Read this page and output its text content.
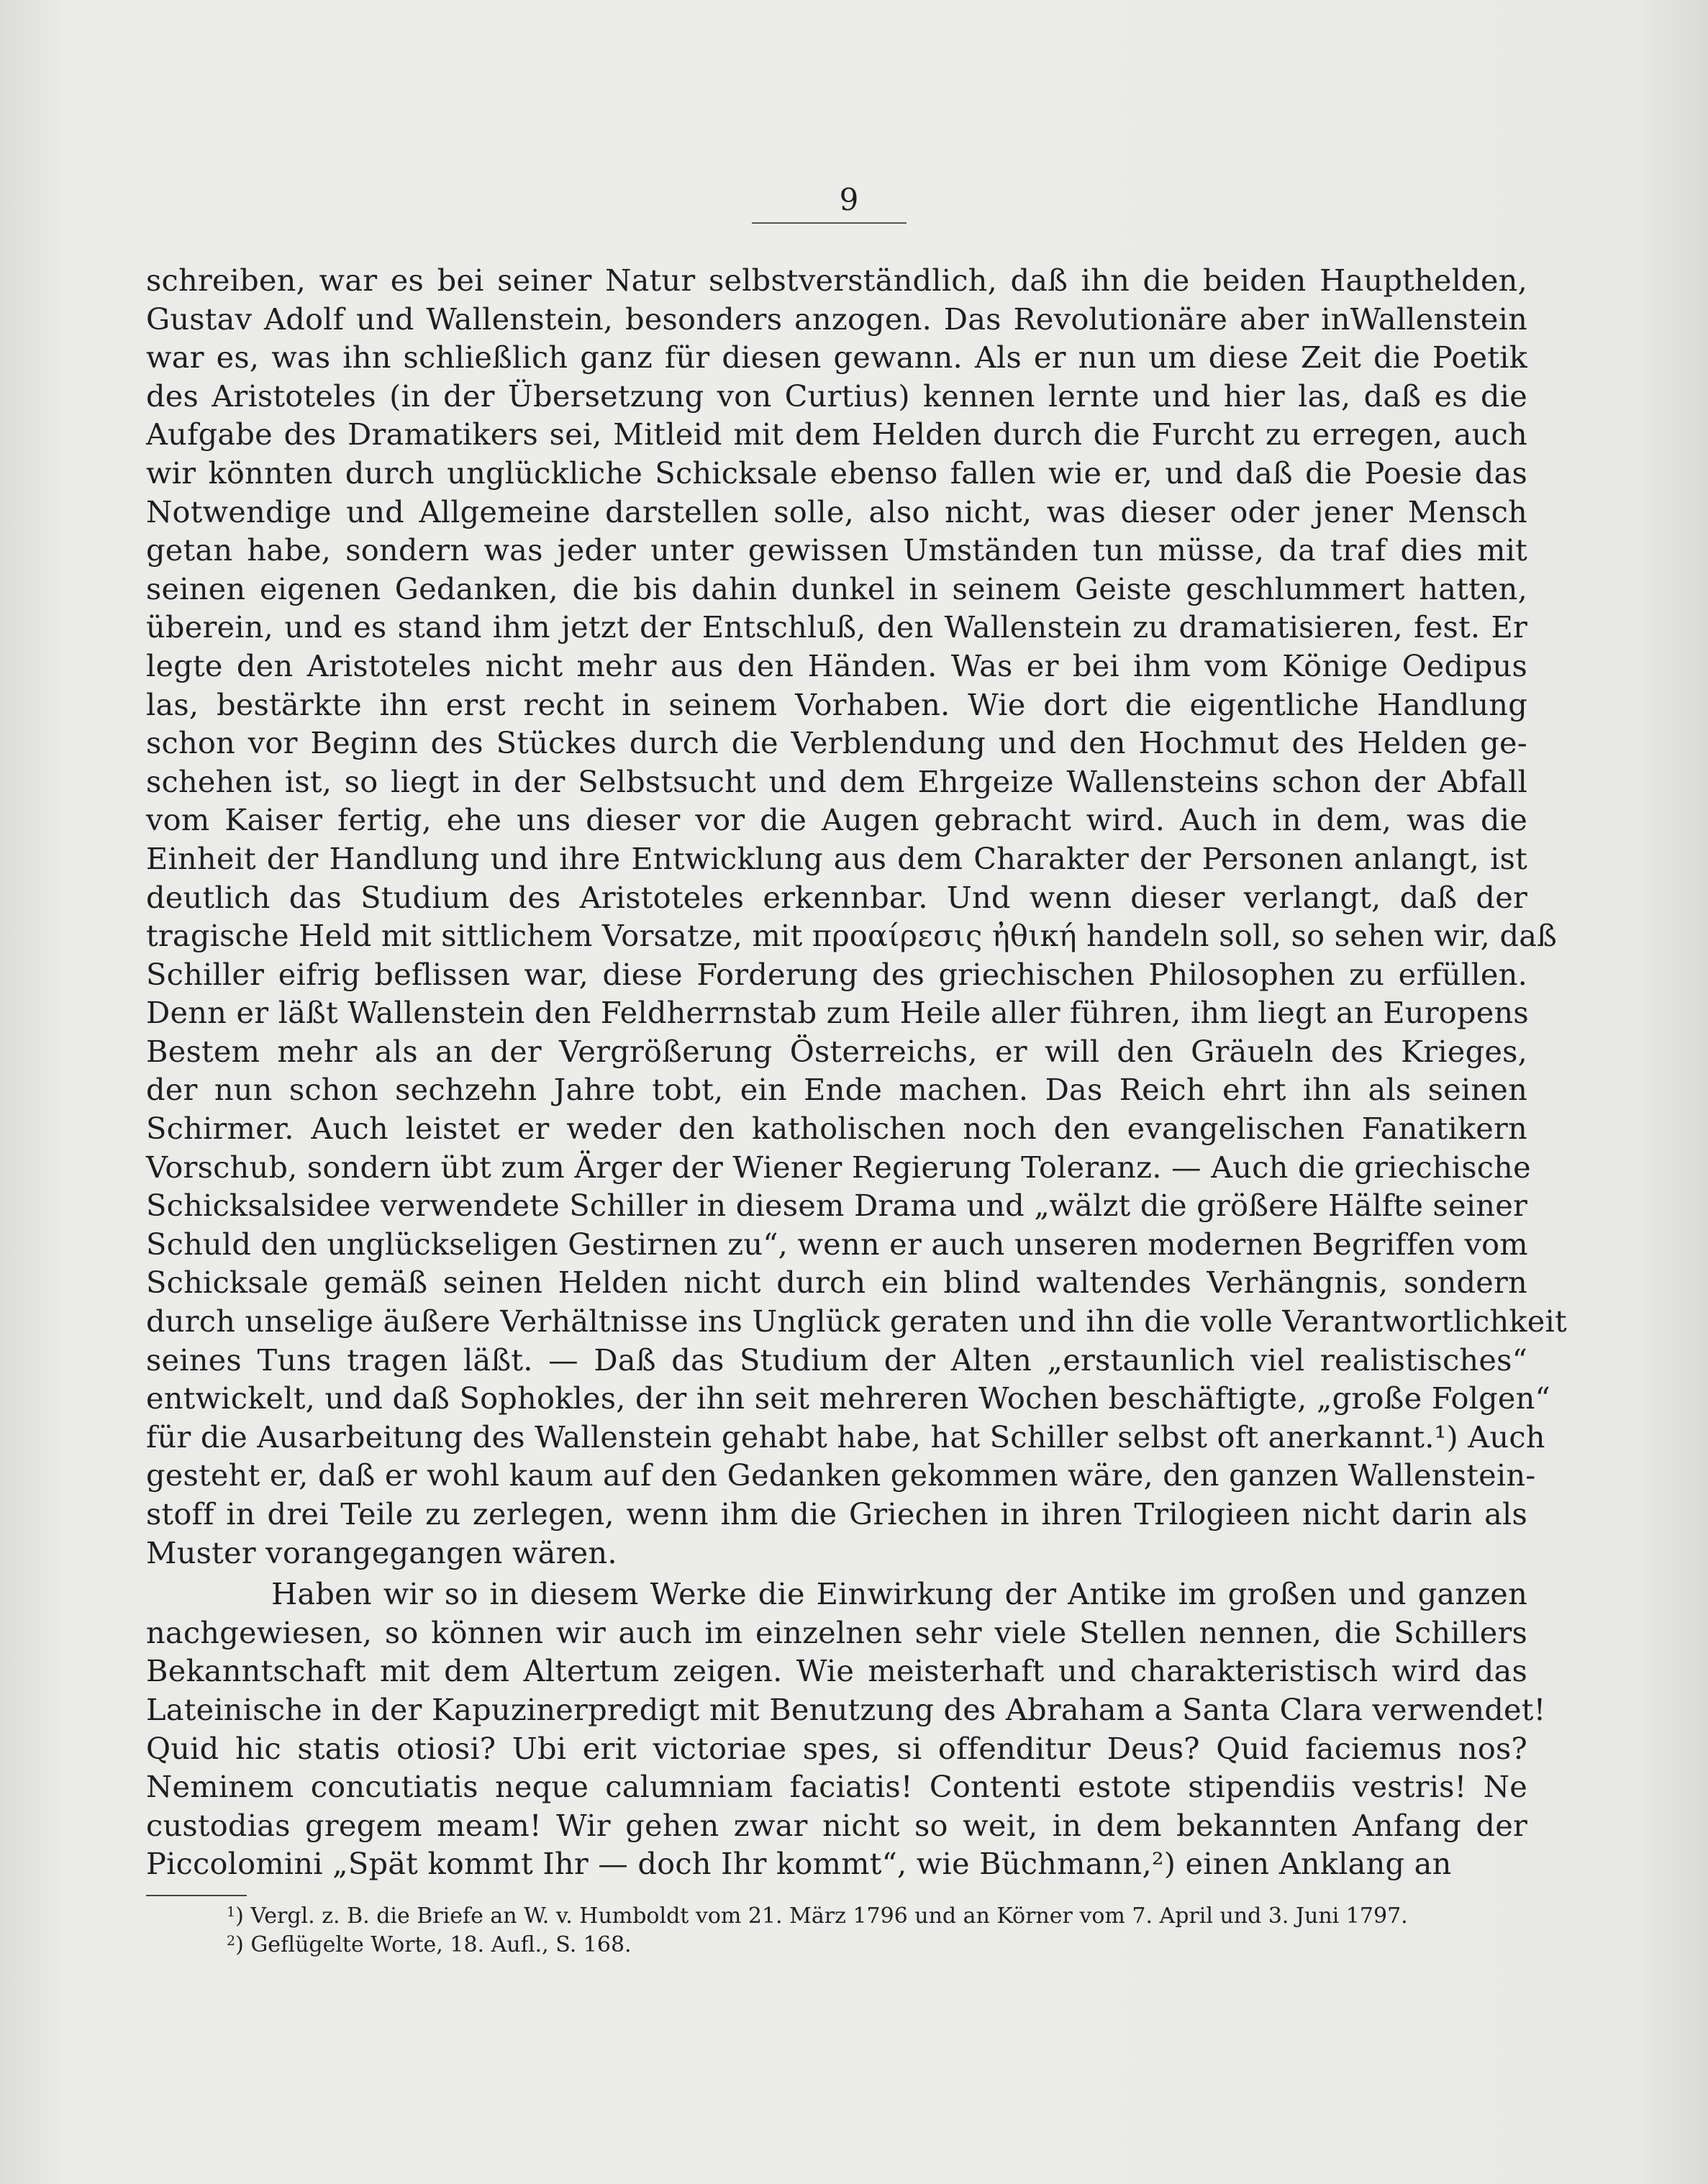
9
schreiben, war es bei seiner Natur selbstverständlich, daß ihn die beiden Haupthelden,
Gustav Adolf und Wallenstein, besonders anzogen. Das Revolutionäre aber inWallenstein
war es, was ihn schließlich ganz für diesen gewann. Als er nun um diese Zeit die Poetik
des Aristoteles (in der Übersetzung von Curtius) kennen lernte und hier las, daß es die
Aufgabe des Dramatikers sei, Mitleid mit dem Helden durch die Furcht zu erregen, auch
wir könnten durch unglückliche Schicksale ebenso fallen wie er, und daß die Poesie das
Notwendige und Allgemeine darstellen solle, also nicht, was dieser oder jener Mensch
getan habe, sondern was jeder unter gewissen Umständen tun müsse, da traf dies mit
seinen eigenen Gedanken, die bis dahin dunkel in seinem Geiste geschlummert hatten,
überein, und es stand ihm jetzt der Entschluß, den Wallenstein zu dramatisieren, fest. Er
legte den Aristoteles nicht mehr aus den Händen. Was er bei ihm vom Könige Oedipus
las, bestärkte ihn erst recht in seinem Vorhaben. Wie dort die eigentliche Handlung
schon vor Beginn des Stückes durch die Verblendung und den Hochmut des Helden ge-
schehen ist, so liegt in der Selbstsucht und dem Ehrgeize Wallensteins schon der Abfall
vom Kaiser fertig, ehe uns dieser vor die Augen gebracht wird. Auch in dem, was die
Einheit der Handlung und ihre Entwicklung aus dem Charakter der Personen anlangt, ist
deutlich das Studium des Aristoteles erkennbar. Und wenn dieser verlangt, daß der
tragische Held mit sittlichem Vorsatze, mit προαίρεσις ἠθική handeln soll, so sehen wir, daß
Schiller eifrig beflissen war, diese Forderung des griechischen Philosophen zu erfüllen.
Denn er läßt Wallenstein den Feldherrnstab zum Heile aller führen, ihm liegt an Europens
Bestem mehr als an der Vergrößerung Österreichs, er will den Gräueln des Krieges,
der nun schon sechzehn Jahre tobt, ein Ende machen. Das Reich ehrt ihn als seinen
Schirmer. Auch leistet er weder den katholischen noch den evangelischen Fanatikern
Vorschub, sondern übt zum Ärger der Wiener Regierung Toleranz. — Auch die griechische
Schicksalsidee verwendete Schiller in diesem Drama und „wälzt die größere Hälfte seiner
Schuld den unglückseligen Gestirnen zu“, wenn er auch unseren modernen Begriffen vom
Schicksale gemäß seinen Helden nicht durch ein blind waltendes Verhängnis, sondern
durch unselige äußere Verhältnisse ins Unglück geraten und ihn die volle Verantwortlichkeit
seines Tuns tragen läßt. — Daß das Studium der Alten „erstaunlich viel realistisches“
entwickelt, und daß Sophokles, der ihn seit mehreren Wochen beschäftigte, „große Folgen“
für die Ausarbeitung des Wallenstein gehabt habe, hat Schiller selbst oft anerkannt.¹) Auch
gesteht er, daß er wohl kaum auf den Gedanken gekommen wäre, den ganzen Wallenstein-
stoff in drei Teile zu zerlegen, wenn ihm die Griechen in ihren Trilogieen nicht darin als
Muster vorangegangen wären.
Haben wir so in diesem Werke die Einwirkung der Antike im großen und ganzen
nachgewiesen, so können wir auch im einzelnen sehr viele Stellen nennen, die Schillers
Bekanntschaft mit dem Altertum zeigen. Wie meisterhaft und charakteristisch wird das
Lateinische in der Kapuzinerpredigt mit Benutzung des Abraham a Santa Clara verwendet!
Quid hic statis otiosi? Ubi erit victoriae spes, si offenditur Deus? Quid faciemus nos?
Neminem concutiatis neque calumniam faciatis! Contenti estote stipendiis vestris! Ne
custodias gregem meam! Wir gehen zwar nicht so weit, in dem bekannten Anfang der
Piccolomini „Spät kommt Ihr — doch Ihr kommt“, wie Büchmann,²) einen Anklang an
$^1$) Vergl. z. B. die Briefe an W. v. Humboldt vom 21. März 1796 und an Körner vom 7. April und 3. Juni 1797.
$^2$) Geflügelte Worte, 18. Aufl., S. 168.
